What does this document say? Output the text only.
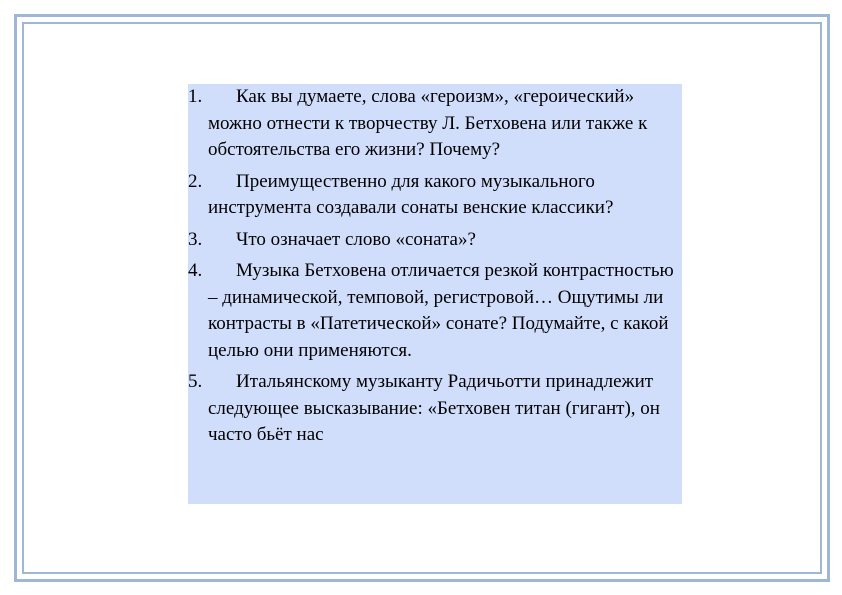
1.	Как вы думаете, слова «героизм», «героический» можно отнести к творчеству Л. Бетховена или также к обстоятельства его жизни? Почему?
2.	Преимущественно для какого музыкального инструмента создавали сонаты венские классики?
3.	Что означает слово «соната»?
4.	Музыка Бетховена отличается резкой контрастностью – динамической, темповой, регистровой… Ощутимы ли контрасты в «Патетической» сонате? Подумайте, с какой целью они применяются.
5.	Итальянскому музыканту Радичьотти принадлежит следующее высказывание: «Бетховен титан (гигант), он часто бьёт нас
